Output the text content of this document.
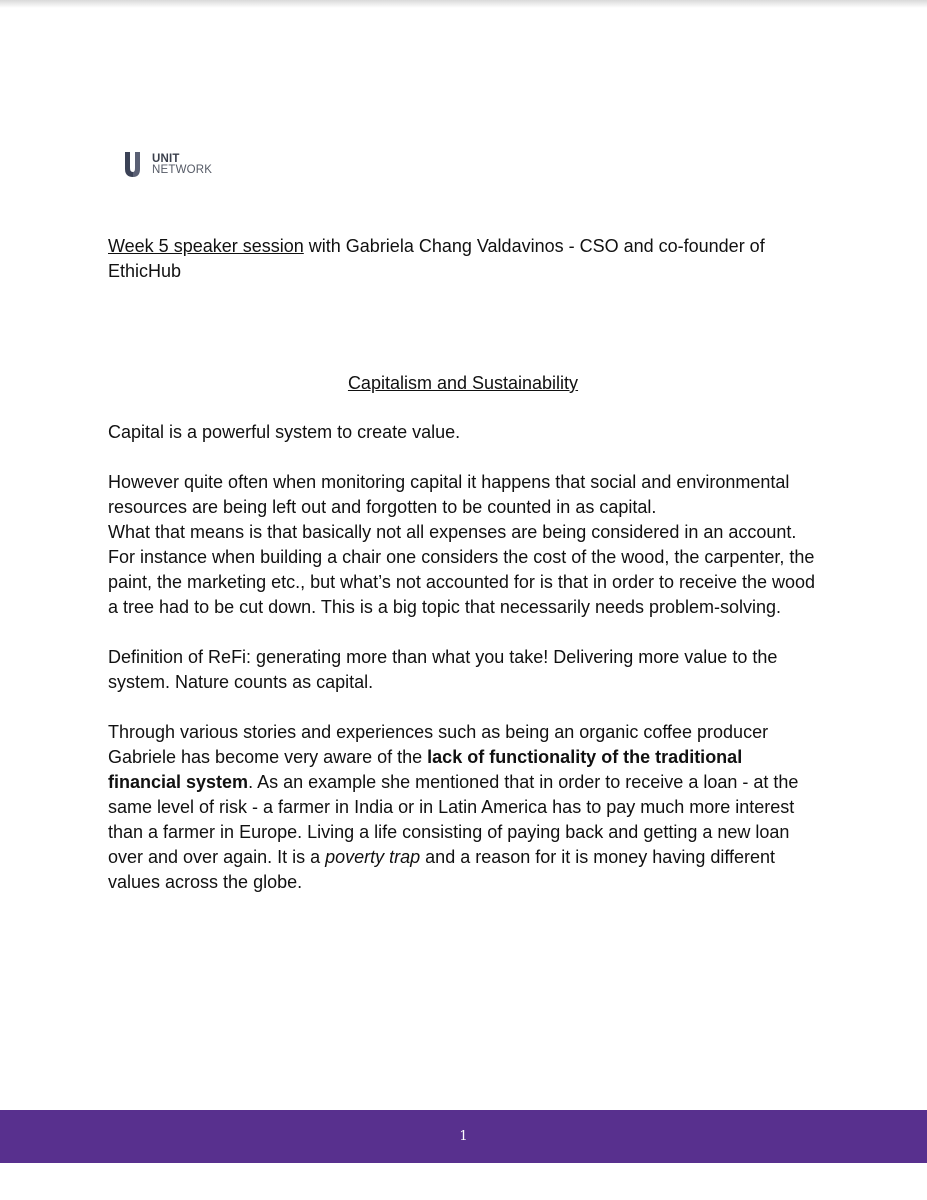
UNIT
NETWORK

Week 5 speaker session with Gabriela Chang Valdavinos - CSO and co-founder of EthicHub

Capitalism and Sustainability

Capital is a powerful system to create value.

However quite often when monitoring capital it happens that social and environmental resources are being left out and forgotten to be counted in as capital.

What that means is that basically not all expenses are being considered in an account. For instance when building a chair one considers the cost of the wood, the carpenter, the paint, the marketing etc., but what’s not accounted for is that in order to receive the wood a tree had to be cut down. This is a big topic that necessarily needs problem-solving.

Definition of ReFi: generating more than what you take! Delivering more value to the system. Nature counts as capital.

Through various stories and experiences such as being an organic coffee producer Gabriele has become very aware of the lack of functionality of the traditional financial system. As an example she mentioned that in order to receive a loan - at the same level of risk - a farmer in India or in Latin America has to pay much more interest than a farmer in Europe. Living a life consisting of paying back and getting a new loan over and over again. It is a poverty trap and a reason for it is money having different values across the globe.

1
